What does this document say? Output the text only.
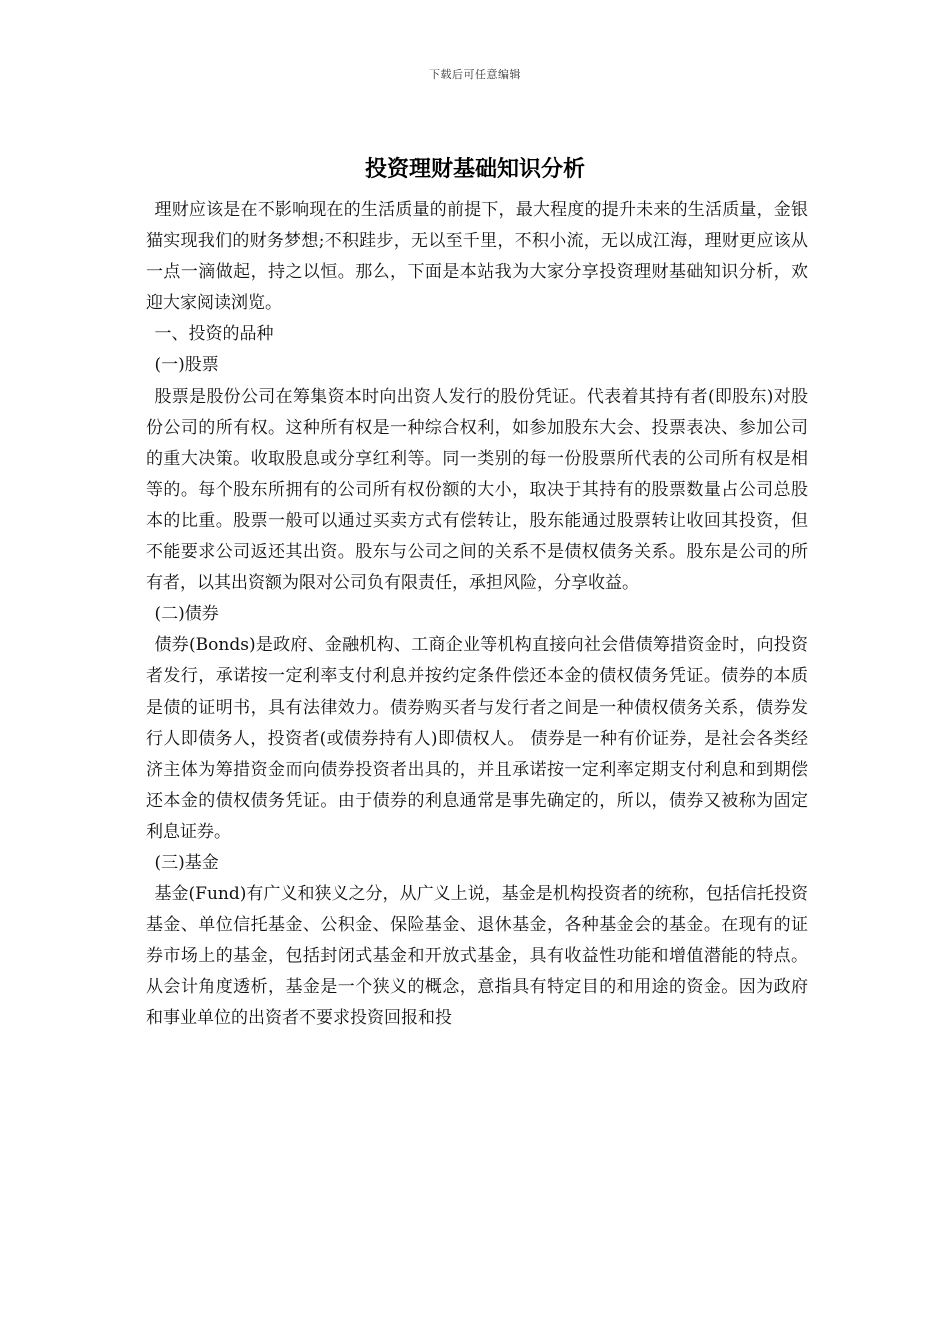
下载后可任意编辑
投资理财基础知识分析

理财应该是在不影响现在的生活质量的前提下，最大程度的提升未来的生活质量，金银猫实现我们的财务梦想;不积跬步，无以至千里，不积小流，无以成江海，理财更应该从一点一滴做起，持之以恒。那么，下面是本站我为大家分享投资理财基础知识分析，欢迎大家阅读浏览。

一、投资的品种

(一)股票

股票是股份公司在筹集资本时向出资人发行的股份凭证。代表着其持有者(即股东)对股份公司的所有权。这种所有权是一种综合权利，如参加股东大会、投票表决、参加公司的重大决策。收取股息或分享红利等。同一类别的每一份股票所代表的公司所有权是相等的。每个股东所拥有的公司所有权份额的大小，取决于其持有的股票数量占公司总股本的比重。股票一般可以通过买卖方式有偿转让，股东能通过股票转让收回其投资，但不能要求公司返还其出资。股东与公司之间的关系不是债权债务关系。股东是公司的所有者，以其出资额为限对公司负有限责任，承担风险，分享收益。

(二)债券

债券(Bonds)是政府、金融机构、工商企业等机构直接向社会借债筹措资金时，向投资者发行，承诺按一定利率支付利息并按约定条件偿还本金的债权债务凭证。债券的本质是债的证明书，具有法律效力。债券购买者与发行者之间是一种债权债务关系，债券发行人即债务人，投资者(或债券持有人)即债权人。 债券是一种有价证券，是社会各类经济主体为筹措资金而向债券投资者出具的，并且承诺按一定利率定期支付利息和到期偿还本金的债权债务凭证。由于债券的利息通常是事先确定的，所以，债券又被称为固定利息证券。

(三)基金

基金(Fund)有广义和狭义之分，从广义上说，基金是机构投资者的统称，包括信托投资基金、单位信托基金、公积金、保险基金、退休基金，各种基金会的基金。在现有的证券市场上的基金，包括封闭式基金和开放式基金，具有收益性功能和增值潜能的特点。从会计角度透析，基金是一个狭义的概念，意指具有特定目的和用途的资金。因为政府和事业单位的出资者不要求投资回报和投
